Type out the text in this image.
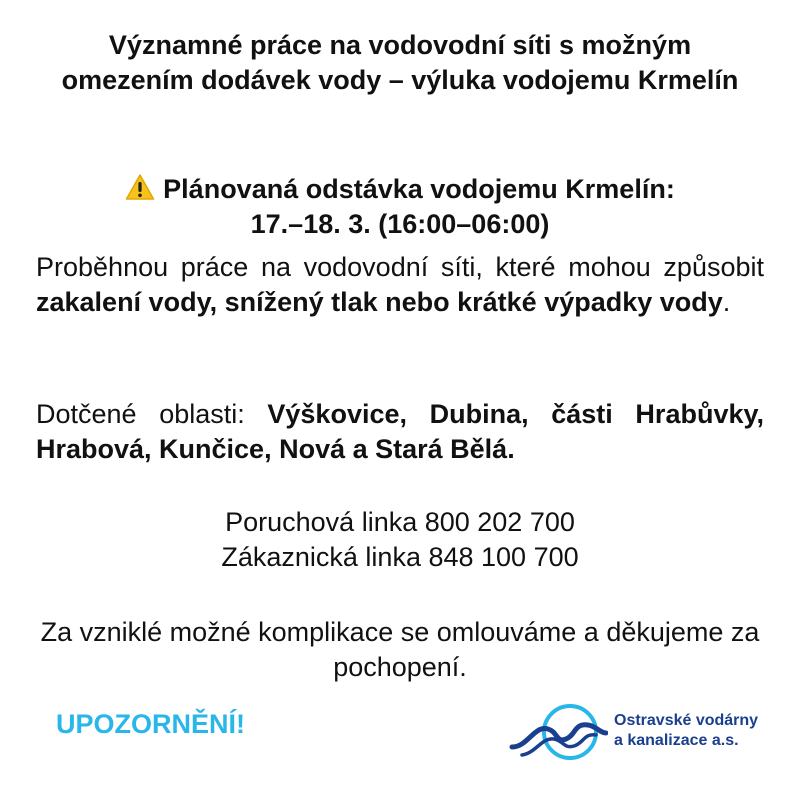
Významné práce na vodovodní síti s možným omezením dodávek vody – výluka vodojemu Krmelín
Plánovaná odstávka vodojemu Krmelín:
17.–18. 3. (16:00–06:00)

Proběhnou práce na vodovodní síti, které mohou způsobit zakalení vody, snížený tlak nebo krátké výpadky vody.

Dotčené oblasti: Výškovice, Dubina, části Hrabůvky, Hrabová, Kunčice, Nová a Stará Bělá.

Poruchová linka 800 202 700
Zákaznická linka 848 100 700

Za vzniklé možné komplikace se omlouváme a děkujeme za pochopení.

UPOZORNĚNÍ!	Ostravské vodárny
a kanalizace a.s.
